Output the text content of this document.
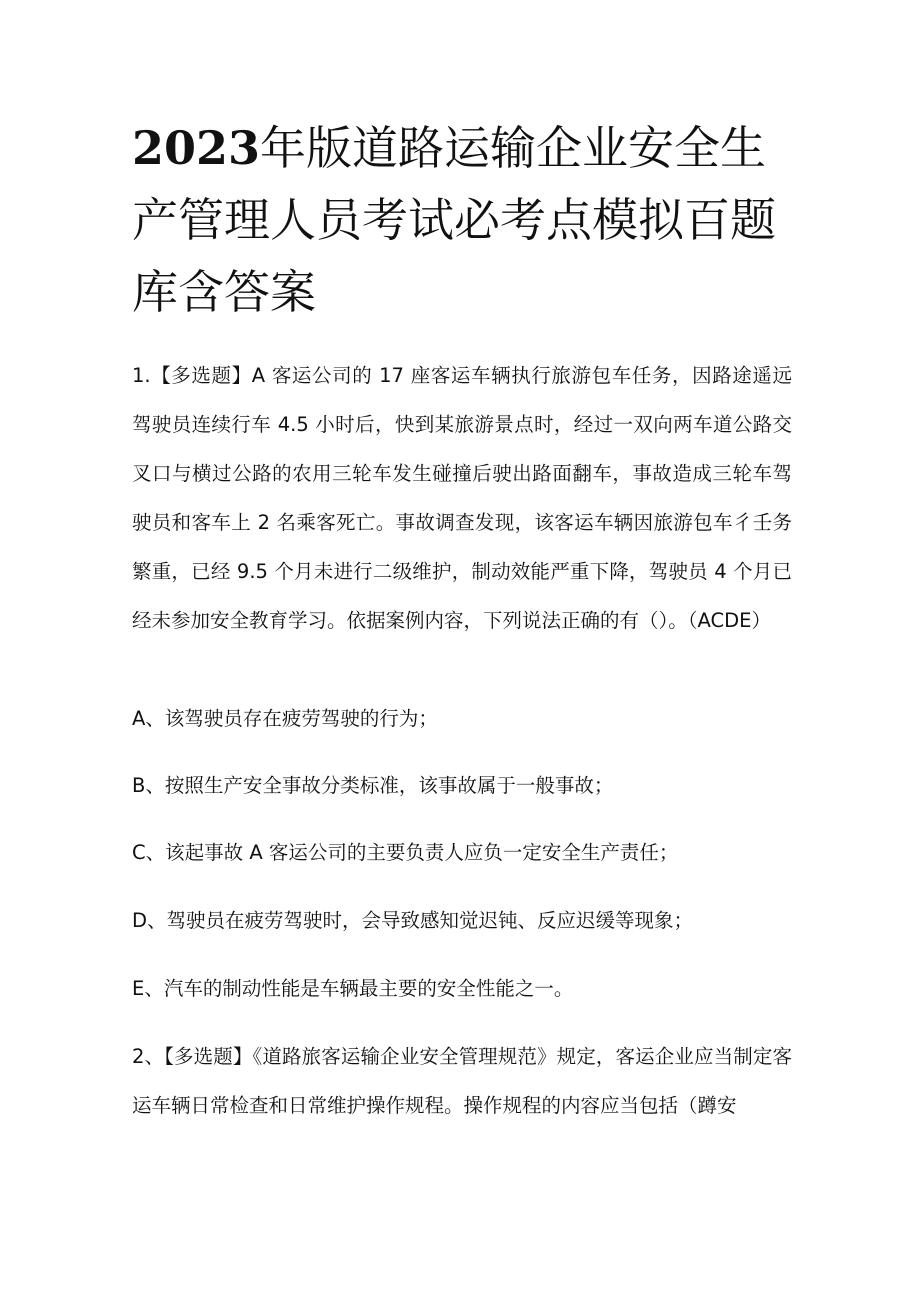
2023年版道路运输企业安全生产管理人员考试必考点模拟百题库含答案

1.【多选题】A 客运公司的 17 座客运车辆执行旅游包车任务，因路途遥远驾驶员连续行车 4.5 小时后，快到某旅游景点时，经过一双向两车道公路交叉口与横过公路的农用三轮车发生碰撞后驶出路面翻车，事故造成三轮车驾驶员和客车上 2 名乘客死亡。事故调查发现，该客运车辆因旅游包车彳壬务繁重，已经 9.5 个月未进行二级维护，制动效能严重下降，驾驶员 4 个月已经未参加安全教育学习。依据案例内容，下列说法正确的有（）。（ACDE）

A、该驾驶员存在疲劳驾驶的行为；

B、按照生产安全事故分类标准，该事故属于一般事故；

C、该起事故 A 客运公司的主要负责人应负一定安全生产责任；

D、驾驶员在疲劳驾驶时，会导致感知觉迟钝、反应迟缓等现象；

E、汽车的制动性能是车辆最主要的安全性能之一。

2、【多选题】《道路旅客运输企业安全管理规范》规定，客运企业应当制定客运车辆日常检查和日常维护操作规程。操作规程的内容应当包括（蹲安
